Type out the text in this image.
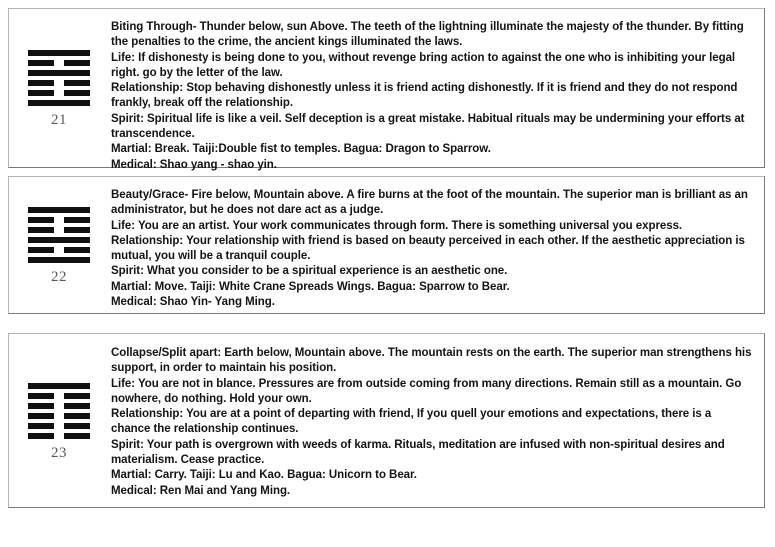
21

Biting Through- Thunder below, sun Above. The teeth of the lightning illuminate the majesty of the thunder. By fitting the penalties to the crime, the ancient kings illuminated the laws.

Life: If dishonesty is being done to you, without revenge bring action to against the one who is inhibiting your legal right. go by the letter of the law.

Relationship: Stop behaving dishonestly unless it is friend acting dishonestly. If it is friend and they do not respond frankly, break off the relationship.

Spirit: Spiritual life is like a veil. Self deception is a great mistake. Habitual rituals may be undermining your efforts at transcendence.

Martial: Break. Taiji:Double fist to temples. Bagua: Dragon to Sparrow.

Medical: Shao yang - shao yin.

22

Beauty/Grace- Fire below, Mountain above. A fire burns at the foot of the mountain. The superior man is brilliant as an administrator, but he does not dare act as a judge.

Life: You are an artist. Your work communicates through form. There is something universal you express.

Relationship: Your relationship with friend is based on beauty perceived in each other. If the aesthetic appreciation is mutual, you will be a tranquil couple.

Spirit: What you consider to be a spiritual experience is an aesthetic one.

Martial: Move. Taiji: White Crane Spreads Wings. Bagua: Sparrow to Bear.

Medical: Shao Yin- Yang Ming.

23

Collapse/Split apart: Earth below, Mountain above. The mountain rests on the earth. The superior man strengthens his support, in order to maintain his position.

Life: You are not in blance. Pressures are from outside coming from many directions. Remain still as a mountain. Go nowhere, do nothing. Hold your own.

Relationship: You are at a point of departing with friend, If you quell your emotions and expectations, there is a chance the relationship continues.

Spirit: Your path is overgrown with weeds of karma. Rituals, meditation are infused with non-spiritual desires and materialism. Cease practice.

Martial: Carry. Taiji: Lu and Kao. Bagua: Unicorn to Bear.

Medical: Ren Mai and Yang Ming.
